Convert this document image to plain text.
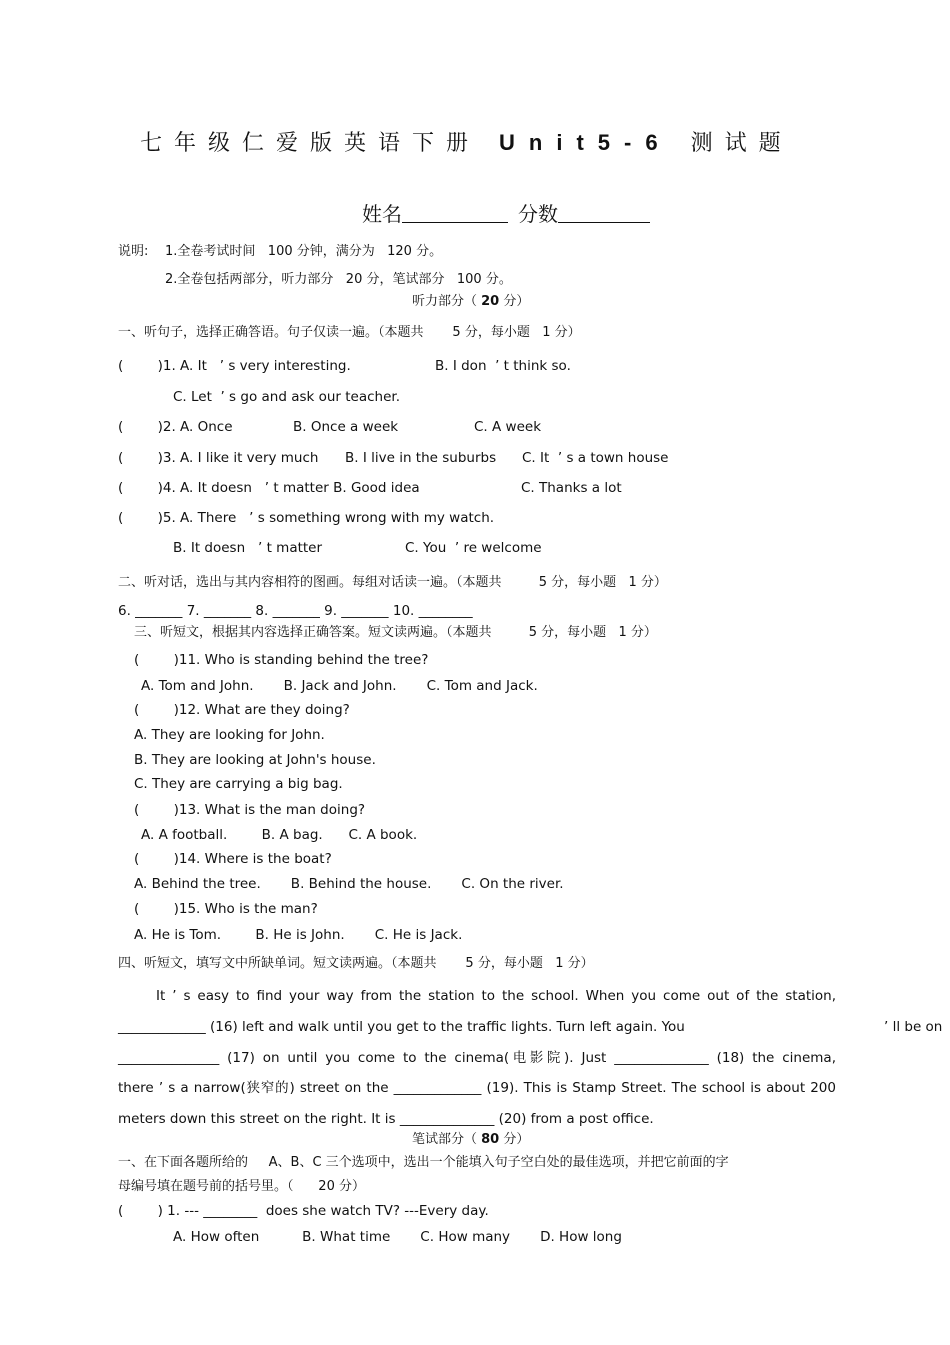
七年级仁爱版英语下册 Unit5-6 测试题
姓名	分数
说明: 1.全卷考试时间   100 分钟，满分为   120 分。
2.全卷包括两部分，听力部分   20 分，笔试部分   100 分。
听力部分（ 20 分）
一、听句子，选择正确答语。句子仅读一遍。（本题共       5 分，每小题   1 分）
(        )1. A. It   ’ s very interesting.	B. I don  ’ t think so.
C. Let  ’ s go and ask our teacher.
(        )2. A. Once	B. Once a week	C. A week
(        )3. A. I like it very much B. I live in the suburbs C. It  ’ s a town house
(        )4. A. It doesn   ’ t matter B. Good idea	C. Thanks a lot
(        )5. A. There   ’ s something wrong with my watch.
B. It doesn   ’ t matter	C. You  ’ re welcome
二、听对话，选出与其内容相符的图画。每组对话读一遍。（本题共         5 分，每小题   1 分）
6. _______ 7. _______ 8. _______ 9. _______ 10. ________
三、听短文，根据其内容选择正确答案。短文读两遍。（本题共         5 分，每小题   1 分）
(        )11. Who is standing behind the tree?
A. Tom and John.       B. Jack and John.       C. Tom and Jack.
(        )12. What are they doing?
A. They are looking for John.
B. They are looking at John's house.
C. They are carrying a big bag.
(        )13. What is the man doing?
A. A football.        B. A bag.      C. A book.
(        )14. Where is the boat?
A. Behind the tree.       B. Behind the house.       C. On the river.
(        )15. Who is the man?
A. He is Tom.        B. He is John.       C. He is Jack.
四、听短文，填写文中所缺单词。短文读两遍。（本题共       5 分，每小题   1 分）
It ’ s easy to find your way from the station to the school. When you come out of the station,
_____________ (16) left and walk until you get to the traffic lights. Turn left again. You	’ ll be on
_______________ (17) on until you come to the cinema(电影院). Just ______________ (18) the cinema,
there ’ s a narrow(狭窄的) street on the _____________ (19). This is Stamp Street. The school is about 200
meters down this street on the right. It is ______________ (20) from a post office.
笔试部分（ 80 分）
一、在下面各题所给的     A、B、C 三个选项中，选出一个能填入句子空白处的最佳选项，并把它前面的字
母编号填在题号前的括号里。（      20 分）
(        ) 1. --- ________  does she watch TV? ---Every day.
A. How often          B. What time       C. How many       D. How long
